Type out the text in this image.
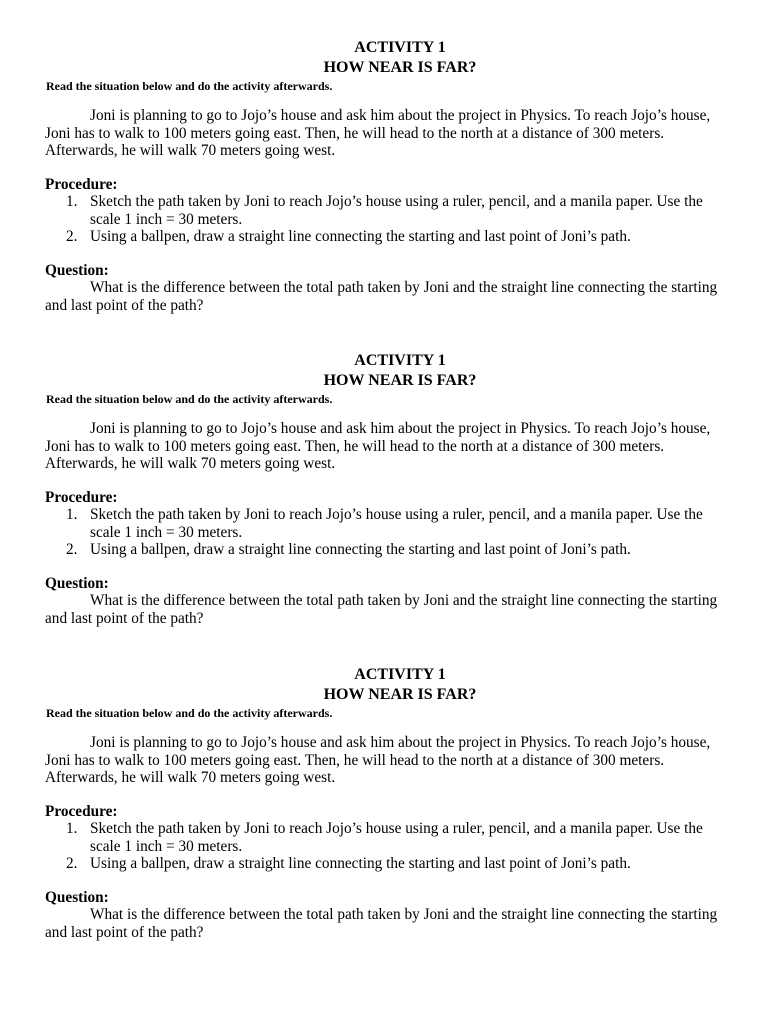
ACTIVITY 1

HOW NEAR IS FAR?

Read the situation below and do the activity afterwards.

Joni is planning to go to Jojo’s house and ask him about the project in Physics. To reach Jojo’s house, Joni has to walk to 100 meters going east. Then, he will head to the north at a distance of 300 meters. Afterwards, he will walk 70 meters going west.

Procedure:

1. Sketch the path taken by Joni to reach Jojo’s house using a ruler, pencil, and a manila paper. Use the scale 1 inch = 30 meters.
2. Using a ballpen, draw a straight line connecting the starting and last point of Joni’s path.

Question:

What is the difference between the total path taken by Joni and the straight line connecting the starting and last point of the path?

ACTIVITY 1

HOW NEAR IS FAR?

Read the situation below and do the activity afterwards.

Joni is planning to go to Jojo’s house and ask him about the project in Physics. To reach Jojo’s house, Joni has to walk to 100 meters going east. Then, he will head to the north at a distance of 300 meters. Afterwards, he will walk 70 meters going west.

Procedure:

1. Sketch the path taken by Joni to reach Jojo’s house using a ruler, pencil, and a manila paper. Use the scale 1 inch = 30 meters.
2. Using a ballpen, draw a straight line connecting the starting and last point of Joni’s path.

Question:

What is the difference between the total path taken by Joni and the straight line connecting the starting and last point of the path?

ACTIVITY 1

HOW NEAR IS FAR?

Read the situation below and do the activity afterwards.

Joni is planning to go to Jojo’s house and ask him about the project in Physics. To reach Jojo’s house, Joni has to walk to 100 meters going east. Then, he will head to the north at a distance of 300 meters. Afterwards, he will walk 70 meters going west.

Procedure:

1. Sketch the path taken by Joni to reach Jojo’s house using a ruler, pencil, and a manila paper. Use the scale 1 inch = 30 meters.
2. Using a ballpen, draw a straight line connecting the starting and last point of Joni’s path.

Question:

What is the difference between the total path taken by Joni and the straight line connecting the starting and last point of the path?
